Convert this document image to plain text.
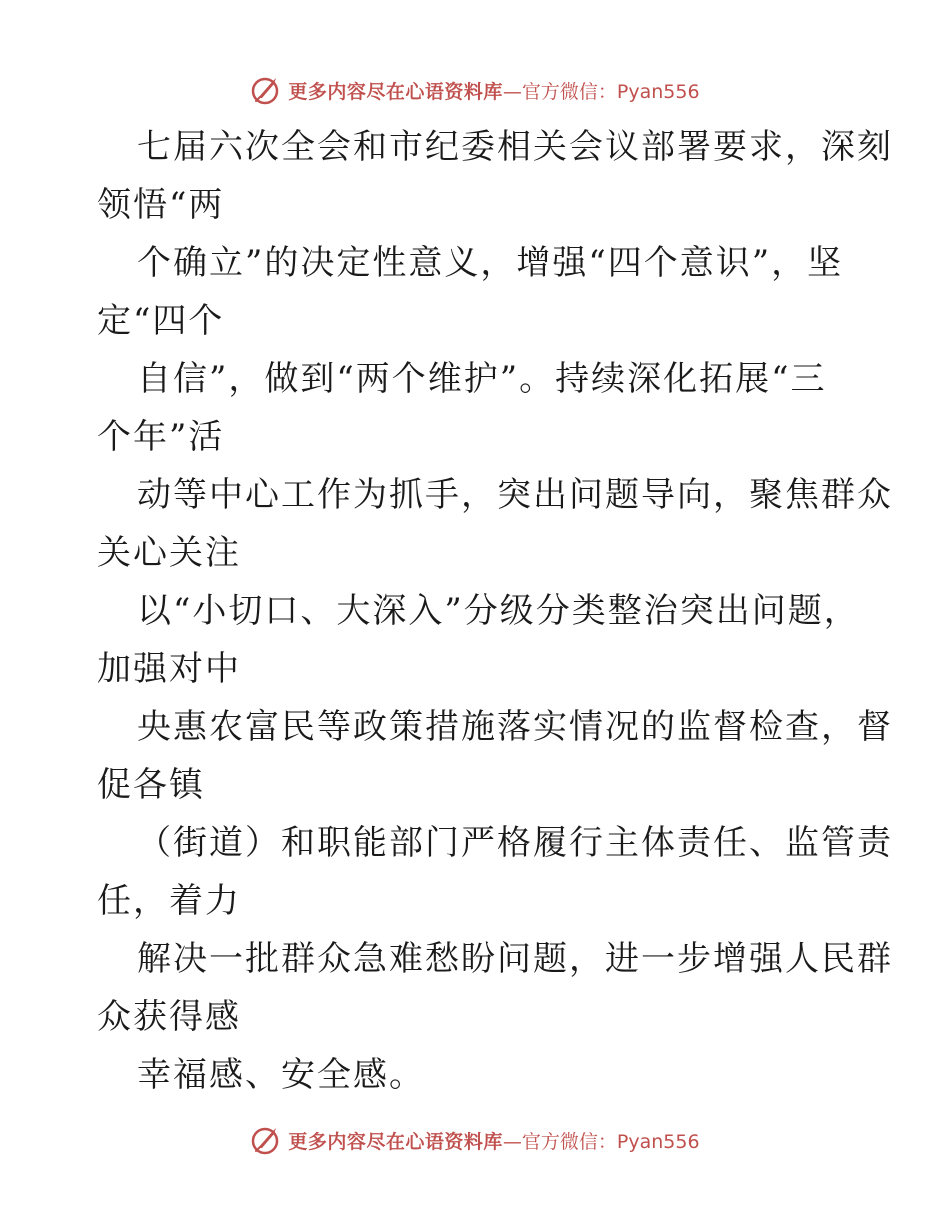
更多内容尽在心语资料库 —官方微信：Pyan556
七届六次全会和市纪委相关会议部署要求，深刻
领悟“两
个确立”的决定性意义，增强“四个意识”，坚
定“四个
自信”，做到“两个维护”。持续深化拓展“三
个年”活
动等中心工作为抓手，突出问题导向，聚焦群众
关心关注
以“小切口、大深入”分级分类整治突出问题，
加强对中
央惠农富民等政策措施落实情况的监督检查，督
促各镇
（街道）和职能部门严格履行主体责任、监管责
任，着力
解决一批群众急难愁盼问题，进一步增强人民群
众获得感
幸福感、安全感。
更多内容尽在心语资料库 —官方微信：Pyan556
